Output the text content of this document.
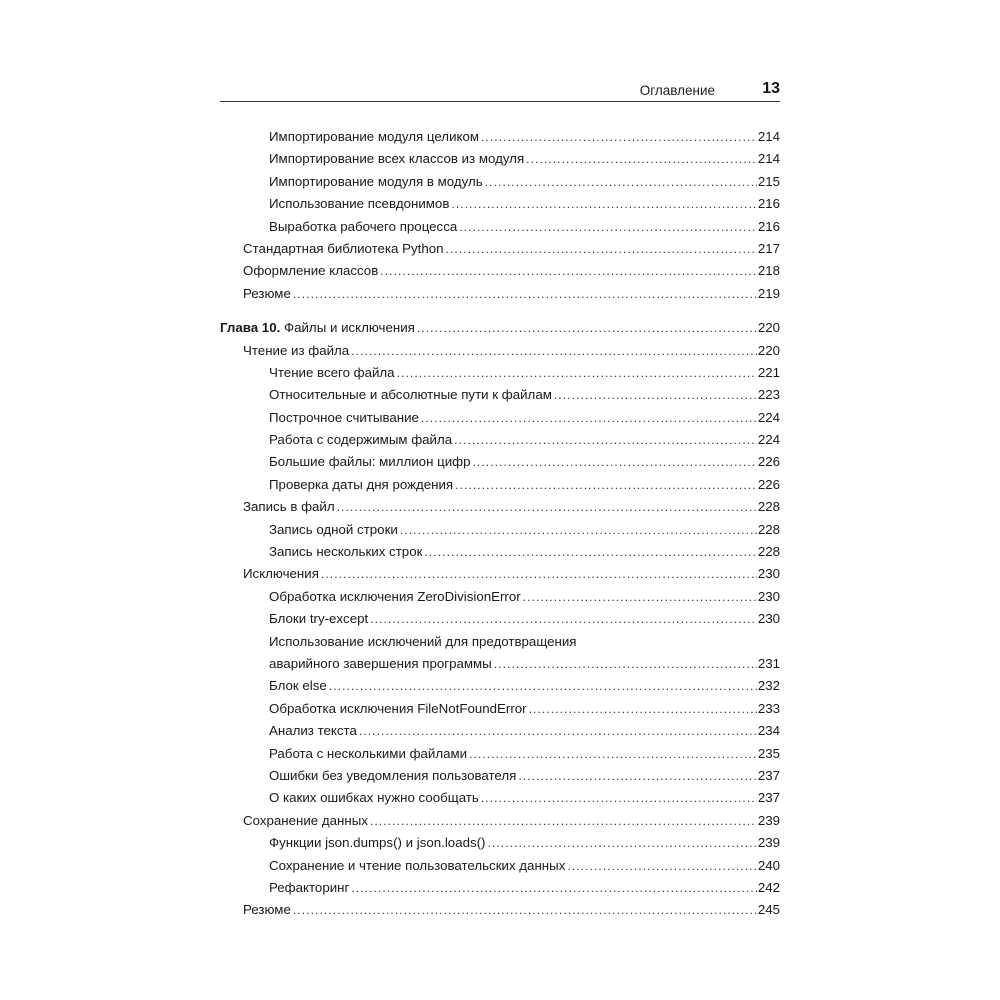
Оглавление	13
Импортирование модуля целиком .....	214
Импортирование всех классов из модуля .....	214
Импортирование модуля в модуль .....	215
Использование псевдонимов .....	216
Выработка рабочего процесса .....	216
Стандартная библиотека Python .....	217
Оформление классов .....	218
Резюме .....	219
Глава 10. Файлы и исключения .....	220
Чтение из файла .....	220
Чтение всего файла .....	221
Относительные и абсолютные пути к файлам .....	223
Построчное считывание .....	224
Работа с содержимым файла .....	224
Большие файлы: миллион цифр .....	226
Проверка даты дня рождения .....	226
Запись в файл .....	228
Запись одной строки .....	228
Запись нескольких строк .....	228
Исключения .....	230
Обработка исключения ZeroDivisionError .....	230
Блоки try-except .....	230
Использование исключений для предотвращения
аварийного завершения программы .....	231
Блок else .....	232
Обработка исключения FileNotFoundError .....	233
Анализ текста .....	234
Работа с несколькими файлами .....	235
Ошибки без уведомления пользователя .....	237
О каких ошибках нужно сообщать .....	237
Сохранение данных .....	239
Функции json.dumps() и json.loads() .....	239
Сохранение и чтение пользовательских данных .....	240
Рефакторинг .....	242
Резюме .....	245
